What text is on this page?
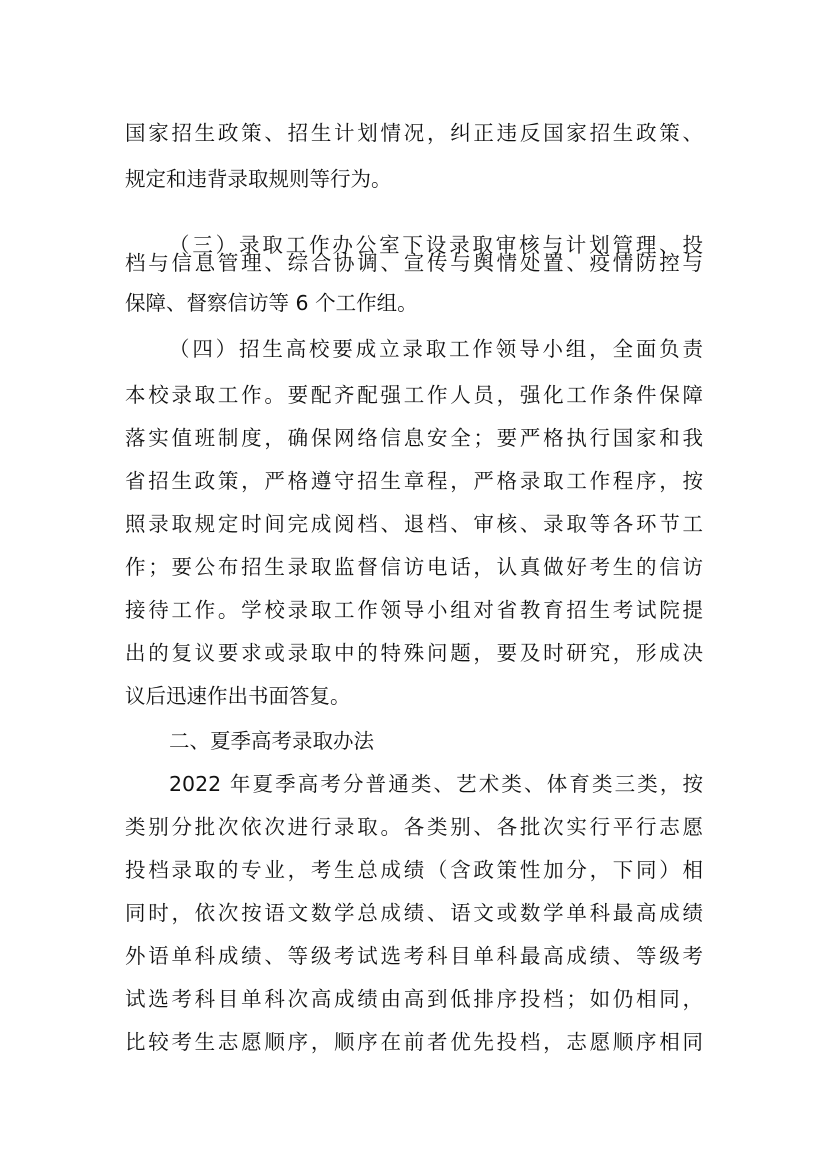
国家招生政策、招生计划情况，纠正违反国家招生政策、
规定和违背录取规则等行为。
（三）录取工作办公室下设录取审核与计划管理、投
档与信息管理、综合协调、宣传与舆情处置、疫情防控与
保障、督察信访等 6 个工作组。
（四）招生高校要成立录取工作领导小组，全面负责
本校录取工作。要配齐配强工作人员，强化工作条件保障
落实值班制度，确保网络信息安全；要严格执行国家和我
省招生政策，严格遵守招生章程，严格录取工作程序，按
照录取规定时间完成阅档、退档、审核、录取等各环节工
作；要公布招生录取监督信访电话，认真做好考生的信访
接待工作。学校录取工作领导小组对省教育招生考试院提
出的复议要求或录取中的特殊问题，要及时研究，形成决
议后迅速作出书面答复。
二、夏季高考录取办法
2022 年夏季高考分普通类、艺术类、体育类三类，按
类别分批次依次进行录取。各类别、各批次实行平行志愿
投档录取的专业，考生总成绩（含政策性加分，下同）相
同时，依次按语文数学总成绩、语文或数学单科最高成绩
外语单科成绩、等级考试选考科目单科最高成绩、等级考
试选考科目单科次高成绩由高到低排序投档；如仍相同，
比较考生志愿顺序，顺序在前者优先投档，志愿顺序相同
